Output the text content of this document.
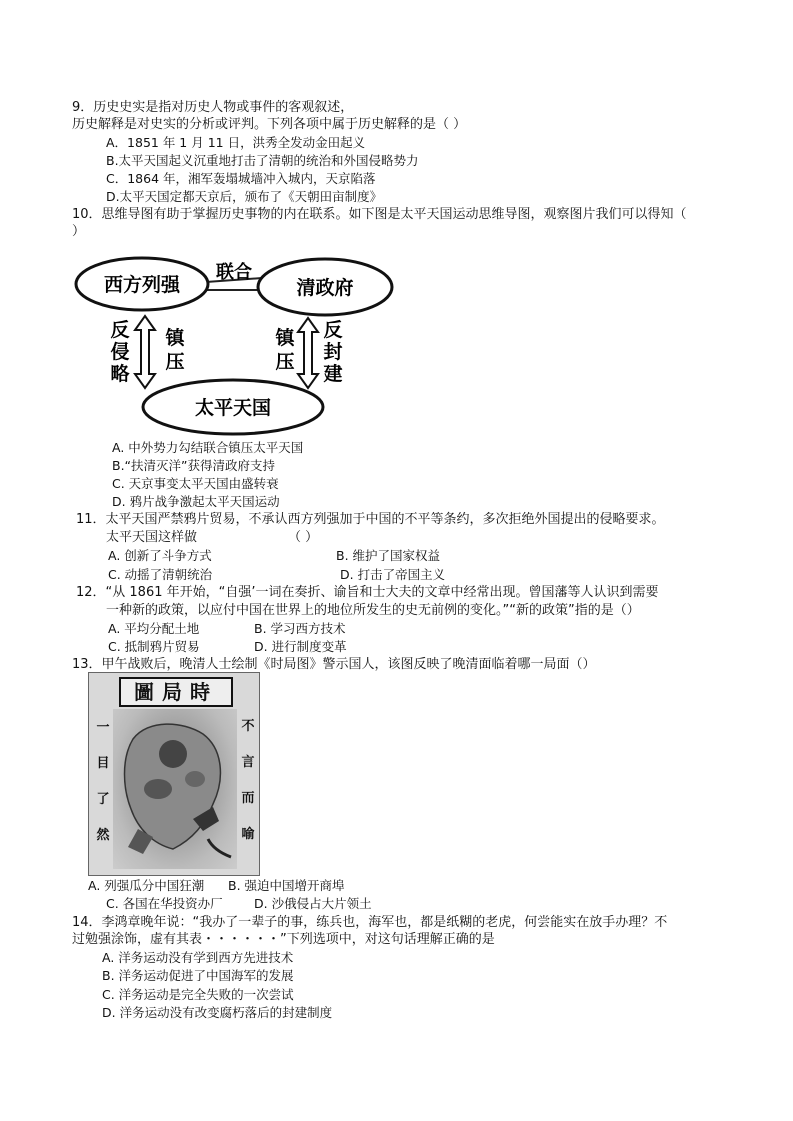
9．历史史实是指对历史人物或事件的客观叙述，
历史解释是对史实的分析或评判。下列各项中属于历史解释的是（ ）
A．1851 年 1 月 11 日，洪秀全发动金田起义
B.太平天国起义沉重地打击了清朝的统治和外国侵略势力
C．1864 年，湘军轰塌城墙冲入城内，天京陷落
D.太平天国定都天京后，颁布了《天朝田亩制度》
10．思维导图有助于掌握历史事物的内在联系。如下图是太平天国运动思维导图，观察图片我们可以得知（
）
西方列强	清政府
太平天国
联合
反
侵
略
镇
压
镇
压
反
封
建
A. 中外势力勾结联合镇压太平天国
B.“扶清灭洋”获得清政府支持
C. 天京事变太平天国由盛转衰
D. 鸦片战争激起太平天国运动
11．太平天国严禁鸦片贸易，不承认西方列强加于中国的不平等条约，多次拒绝外国提出的侵略要求。
太平天国这样做	（ ）
A. 创新了斗争方式	B. 维护了国家权益
C. 动摇了清朝统治	D. 打击了帝国主义
12．“从 1861 年开始，“自强’一词在奏折、谕旨和士大夫的文章中经常出现。曾国藩等人认识到需要
一种新的政策，以应付中国在世界上的地位所发生的史无前例的变化。”“新的政策”指的是（）
A. 平均分配土地	B. 学习西方技术
C. 抵制鸦片贸易	D. 进行制度变革
13．甲午战败后，晚清人士绘制《时局图》警示国人，该图反映了晚清面临着哪一局面（）
圖局時
一
目
了
然
不
言
而
喻
A. 列强瓜分中国狂潮 B. 强迫中国增开商埠
C. 各国在华投资办厂	D. 沙俄侵占大片领土
14．李鸿章晚年说：“我办了一辈子的事，练兵也，海军也，都是纸糊的老虎，何尝能实在放手办理？不
过勉强涂饰，虚有其表・・・・・・”下列选项中，对这句话理解正确的是
A. 洋务运动没有学到西方先进技术
B. 洋务运动促进了中国海军的发展
C. 洋务运动是完全失败的一次尝试
D. 洋务运动没有改变腐朽落后的封建制度
